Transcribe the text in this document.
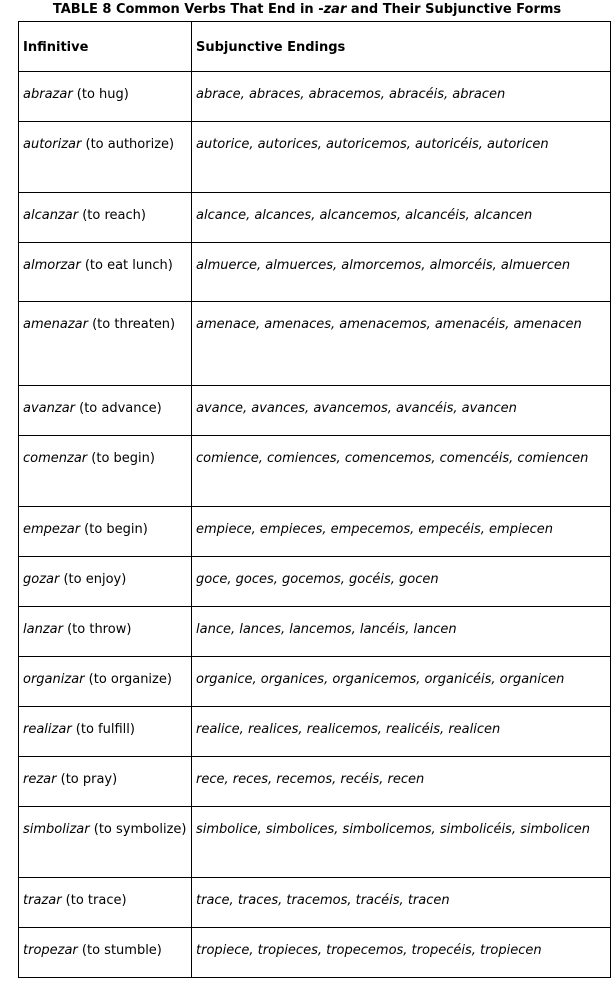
TABLE 8 Common Verbs That End in -zar and Their Subjunctive Forms
Infinitive	Subjunctive Endings
abrazar (to hug)	abrace, abraces, abracemos, abracéis, abracen
autorizar (to authorize)	autorice, autorices, autoricemos, autoricéis, autoricen
alcanzar (to reach)	alcance, alcances, alcancemos, alcancéis, alcancen
almorzar (to eat lunch)	almuerce, almuerces, almorcemos, almorcéis, almuercen
amenazar (to threaten)	amenace, amenaces, amenacemos, amenacéis, amenacen
avanzar (to advance)	avance, avances, avancemos, avancéis, avancen
comenzar (to begin)	comience, comiences, comencemos, comencéis, comiencen
empezar (to begin)	empiece, empieces, empecemos, empecéis, empiecen
gozar (to enjoy)	goce, goces, gocemos, gocéis, gocen
lanzar (to throw)	lance, lances, lancemos, lancéis, lancen
organizar (to organize)	organice, organices, organicemos, organicéis, organicen
realizar (to fulfill)	realice, realices, realicemos, realicéis, realicen
rezar (to pray)	rece, reces, recemos, recéis, recen
simbolizar (to symbolize)	simbolice, simbolices, simbolicemos, simbolicéis, simbolicen
trazar (to trace)	trace, traces, tracemos, tracéis, tracen
tropezar (to stumble)	tropiece, tropieces, tropecemos, tropecéis, tropiecen
